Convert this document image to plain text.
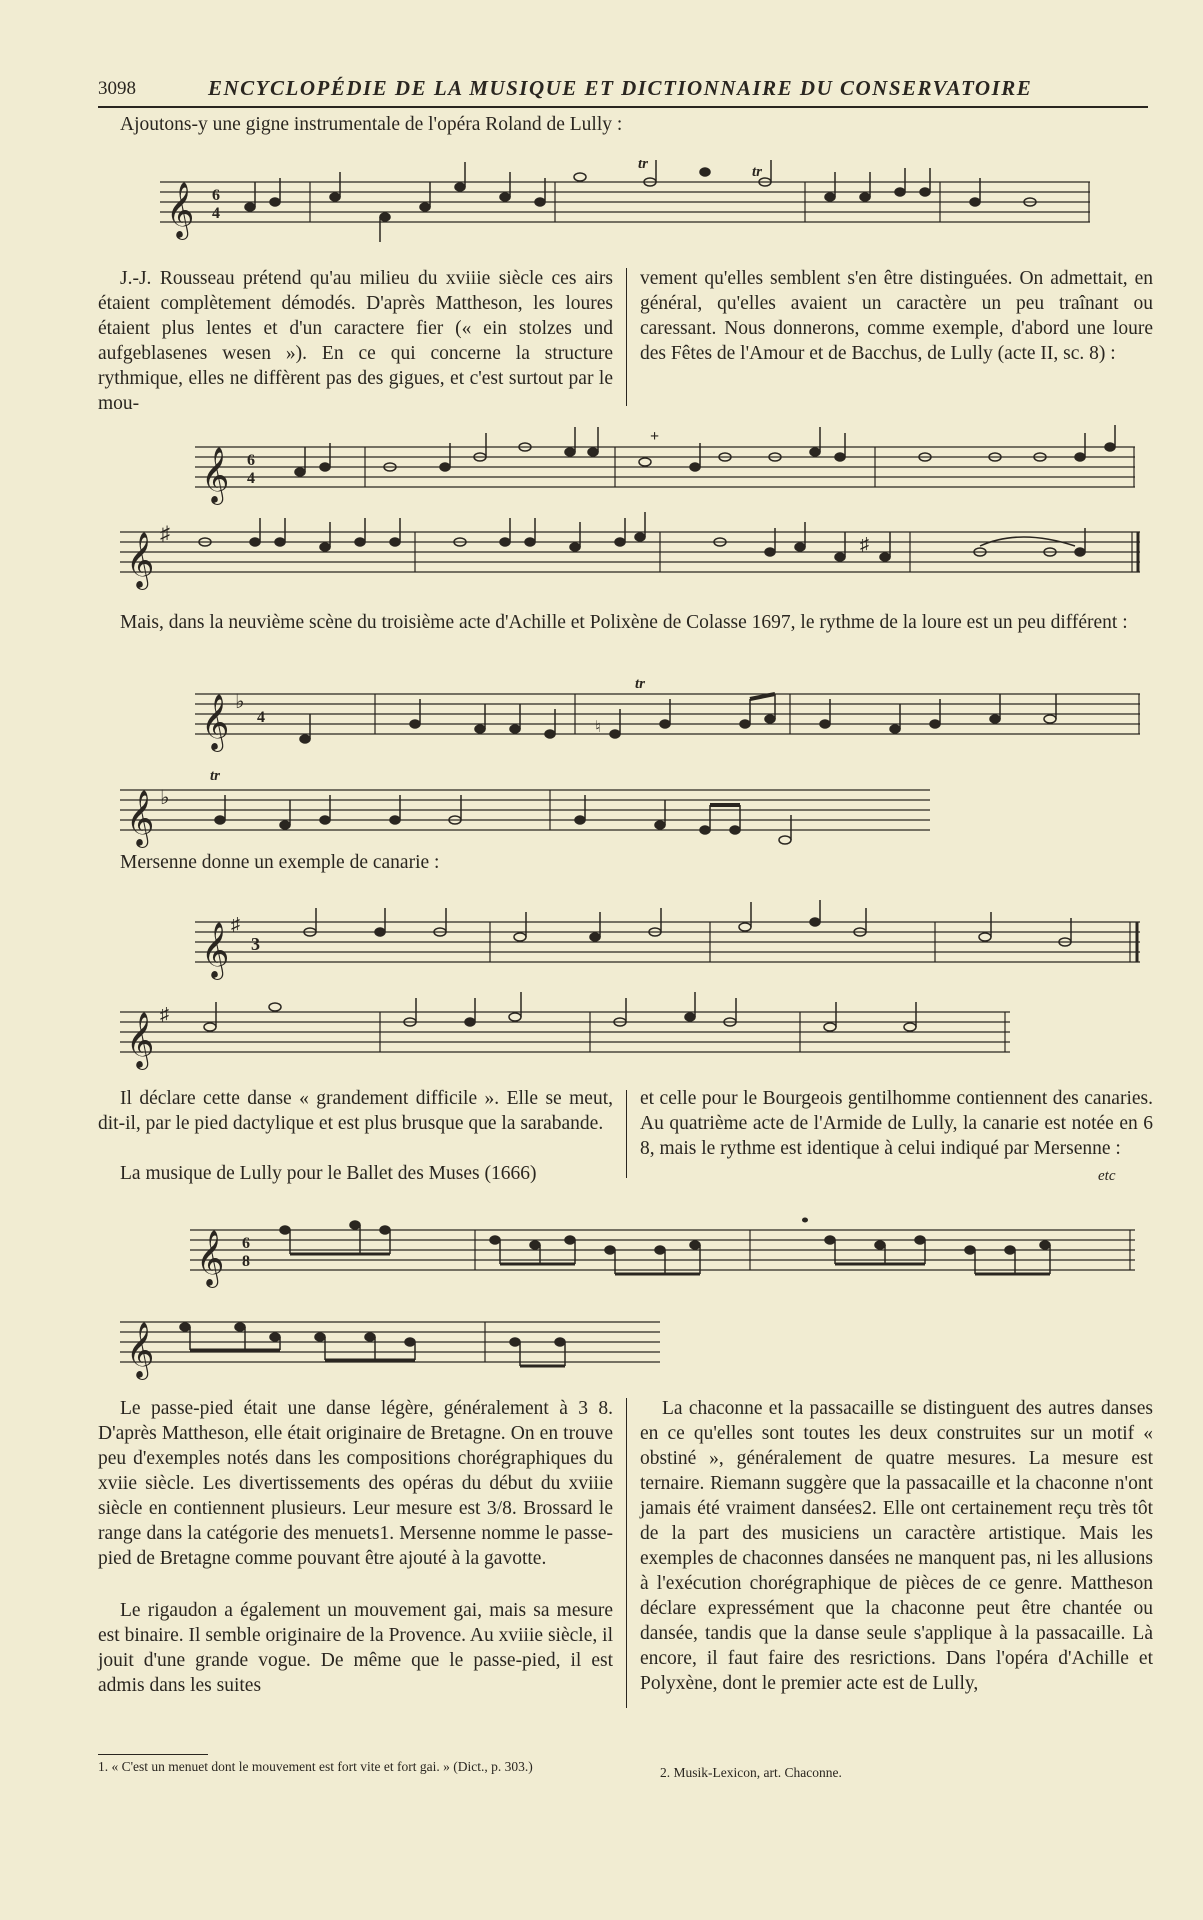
3098	ENCYCLOPÉDIE DE LA MUSIQUE ET DICTIONNAIRE DU CONSERVATOIRE

Ajoutons-y une gigne instrumentale de l'opéra Roland de Lully :

𝄞 6
4
tr	tr

J.-J. Rousseau prétend qu'au milieu du xviiie siècle ces airs étaient complètement démodés. D'après Mattheson, les loures étaient plus lentes et d'un caractere fier (« ein stolzes und aufgeblasenes wesen »). En ce qui concerne la structure rythmique, elles ne diffèrent pas des gigues, et c'est surtout par le mou-

vement qu'elles semblent s'en être distinguées. On admettait, en général, qu'elles avaient un caractère un peu traînant ou caressant. Nous donnerons, comme exemple, d'abord une loure des Fêtes de l'Amour et de Bacchus, de Lully (acte II, sc. 8) :

𝄞 6
4
+
𝄞 ♯	♯
etc

Mais, dans la neuvième scène du troisième acte d'Achille et Polixène de Colasse 1697, le rythme de la loure est un peu différent :

𝄞 ♭
4
♮
tr
𝄞 ♭
tr

Mersenne donne un exemple de canarie :

𝄞 ♯
3
𝄞 ♯

Il déclare cette danse « grandement difficile ». Elle se meut, dit-il, par le pied dactylique et est plus brusque que la sarabande.

La musique de Lully pour le Ballet des Muses (1666)

et celle pour le Bourgeois gentilhomme contiennent des canaries. Au quatrième acte de l'Armide de Lully, la canarie est notée en 6 8, mais le rythme est identique à celui indiqué par Mersenne :

𝄞 6
8
𝄞

Le passe-pied était une danse légère, généralement à 3 8. D'après Mattheson, elle était originaire de Bretagne. On en trouve peu d'exemples notés dans les compositions chorégraphiques du xviie siècle. Les divertissements des opéras du début du xviiie siècle en contiennent plusieurs. Leur mesure est 3/8. Brossard le range dans la catégorie des menuets1. Mersenne nomme le passe-pied de Bretagne comme pouvant être ajouté à la gavotte.

Le rigaudon a également un mouvement gai, mais sa mesure est binaire. Il semble originaire de la Provence. Au xviiie siècle, il jouit d'une grande vogue. De même que le passe-pied, il est admis dans les suites

La chaconne et la passacaille se distinguent des autres danses en ce qu'elles sont toutes les deux construites sur un motif « obstiné », généralement de quatre mesures. La mesure est ternaire. Riemann suggère que la passacaille et la chaconne n'ont jamais été vraiment dansées2. Elle ont certainement reçu très tôt de la part des musiciens un caractère artistique. Mais les exemples de chaconnes dansées ne manquent pas, ni les allusions à l'exécution chorégraphique de pièces de ce genre. Mattheson déclare expressément que la chaconne peut être chantée ou dansée, tandis que la danse seule s'applique à la passacaille. Là encore, il faut faire des resrictions. Dans l'opéra d'Achille et Polyxène, dont le premier acte est de Lully,

1. « C'est un menuet dont le mouvement est fort vite et fort gai. » (Dict., p. 303.)	2. Musik-Lexicon, art. Chaconne.
